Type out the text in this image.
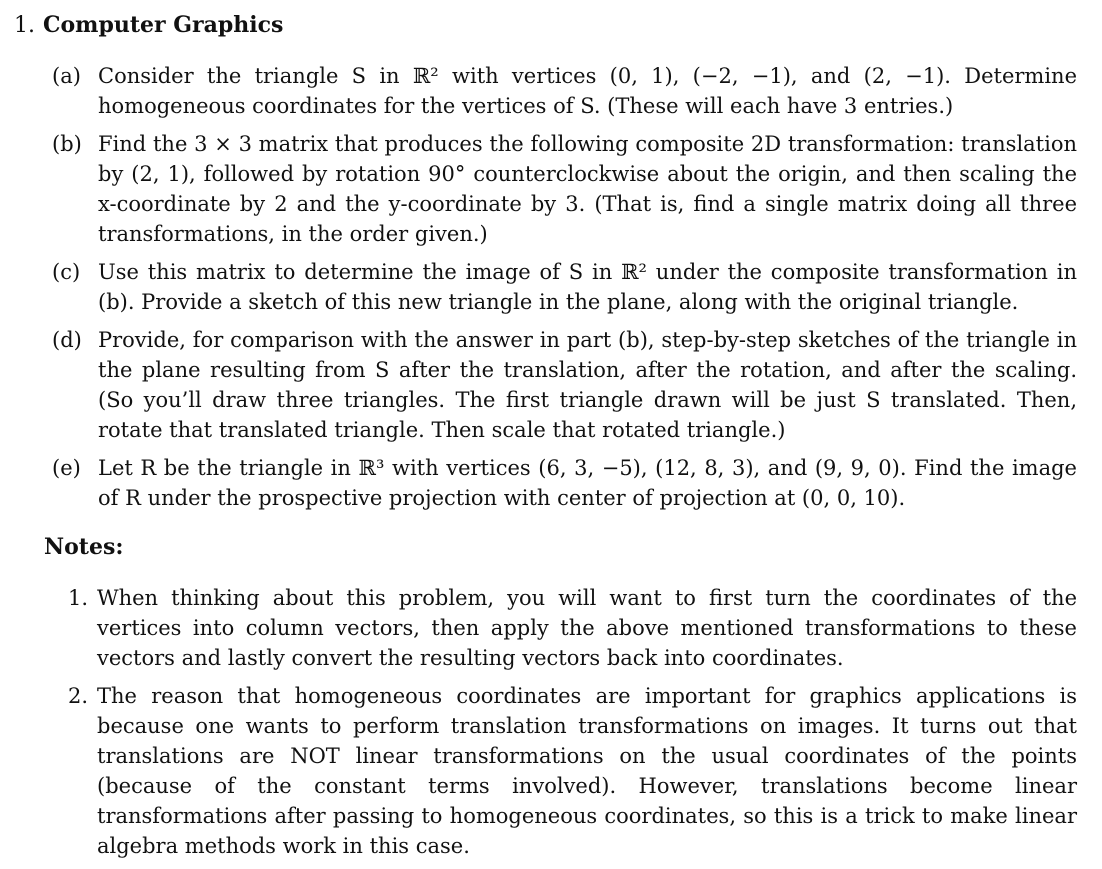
1. Computer Graphics
(a) Consider the triangle S in ℝ² with vertices (0, 1), (−2, −1), and (2, −1). Determine homogeneous coordinates for the vertices of S. (These will each have 3 entries.)
(b) Find the 3 × 3 matrix that produces the following composite 2D transformation: translation by (2, 1), followed by rotation 90° counterclockwise about the origin, and then scaling the x-coordinate by 2 and the y-coordinate by 3. (That is, find a single matrix doing all three transformations, in the order given.)
(c) Use this matrix to determine the image of S in ℝ² under the composite transformation in (b). Provide a sketch of this new triangle in the plane, along with the original triangle.
(d) Provide, for comparison with the answer in part (b), step-by-step sketches of the triangle in the plane resulting from S after the translation, after the rotation, and after the scaling. (So you’ll draw three triangles. The first triangle drawn will be just S translated. Then, rotate that translated triangle. Then scale that rotated triangle.)
(e) Let R be the triangle in ℝ³ with vertices (6, 3, −5), (12, 8, 3), and (9, 9, 0). Find the image of R under the prospective projection with center of projection at (0, 0, 10).
Notes:
1. When thinking about this problem, you will want to first turn the coordinates of the vertices into column vectors, then apply the above mentioned transformations to these vectors and lastly convert the resulting vectors back into coordinates.
2. The reason that homogeneous coordinates are important for graphics applications is because one wants to perform translation transformations on images. It turns out that translations are NOT linear transformations on the usual coordinates of the points (because of the constant terms involved). However, translations become linear transformations after passing to homogeneous coordinates, so this is a trick to make linear algebra methods work in this case.
